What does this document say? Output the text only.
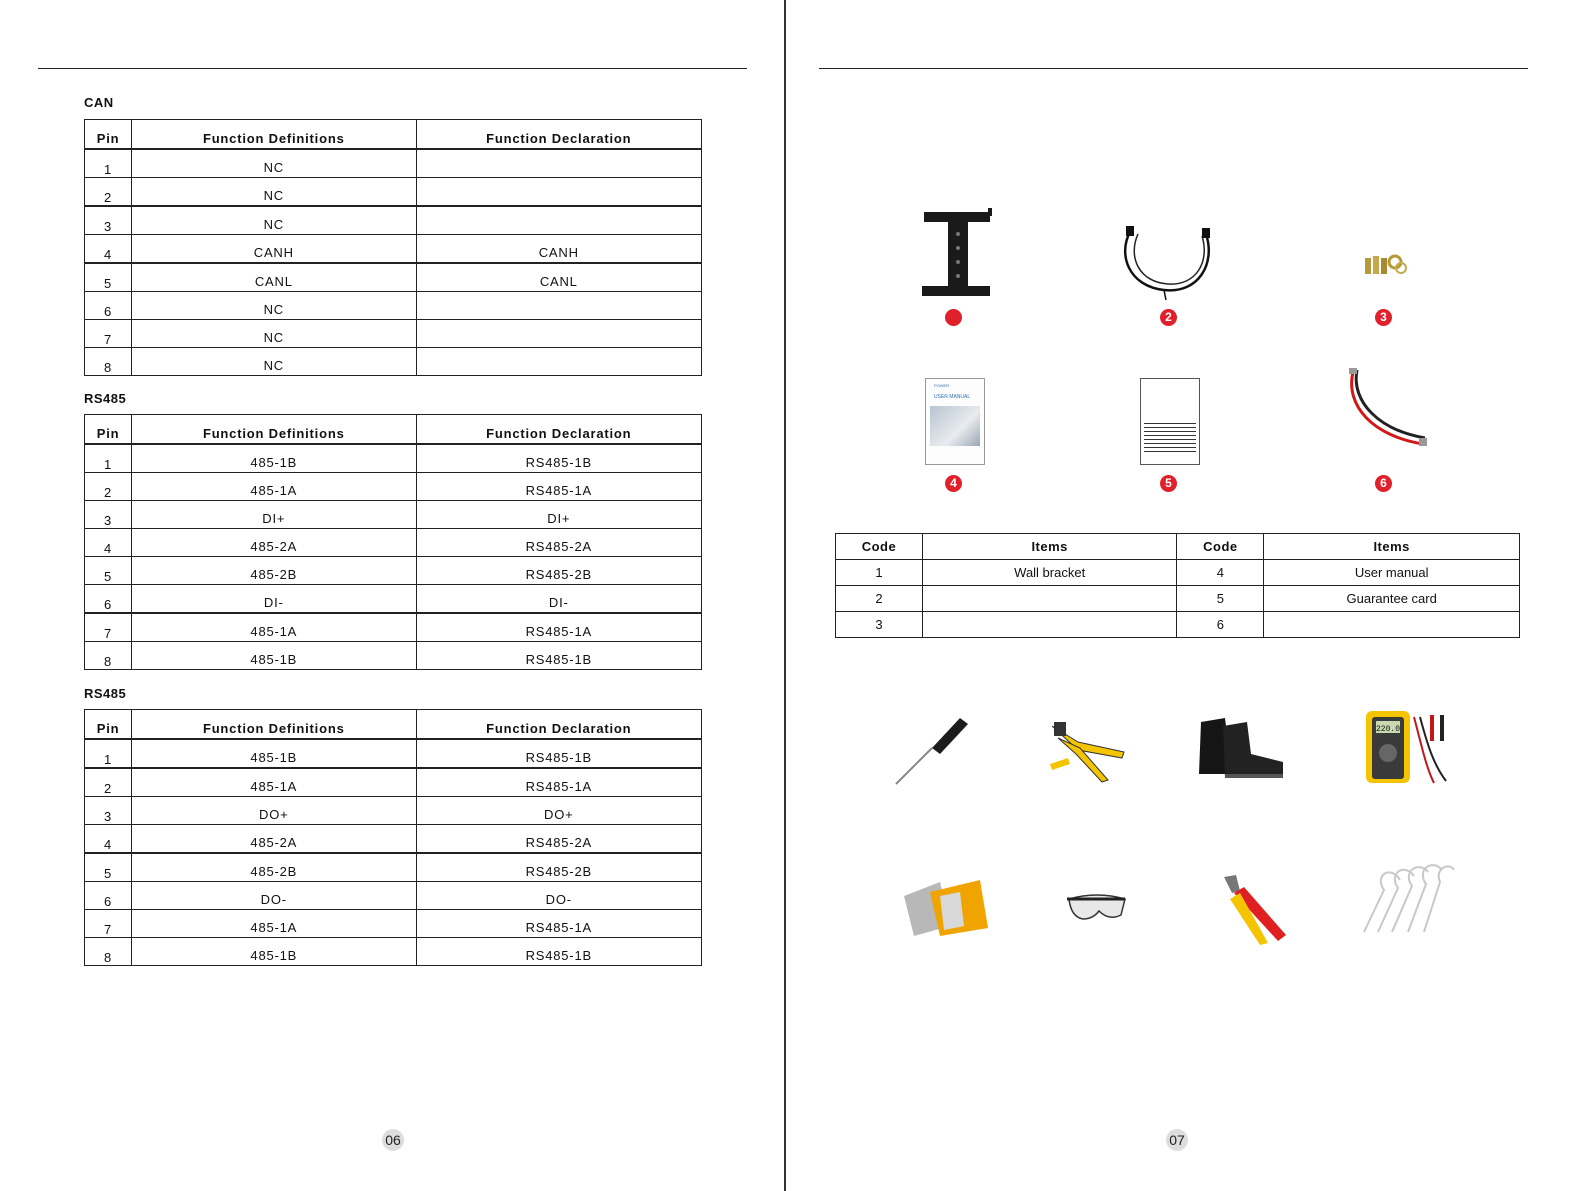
CAN
Pin	Function Definitions	Function Declaration
1	NC	
2	NC	
3	NC	
4	CANH	CANH
5	CANL	CANL
6	NC	
7	NC	
8	NC	
RS485
Pin	Function Definitions	Function Declaration
1	485-1B	RS485-1B
2	485-1A	RS485-1A
3	DI+	DI+
4	485-2A	RS485-2A
5	485-2B	RS485-2B
6	DI-	DI-
7	485-1A	RS485-1A
8	485-1B	RS485-1B
RS485
Pin	Function Definitions	Function Declaration
1	485-1B	RS485-1B
2	485-1A	RS485-1A
3	DO+	DO+
4	485-2A	RS485-2A
5	485-2B	RS485-2B
6	DO-	DO-
7	485-1A	RS485-1A
8	485-1B	RS485-1B
06
2	3
POWER
USER MANUAL
4	5	6
Code	Items	Code	Items
1	Wall bracket	4	User manual
2		5	Guarantee card
3		6	
220.0
07
